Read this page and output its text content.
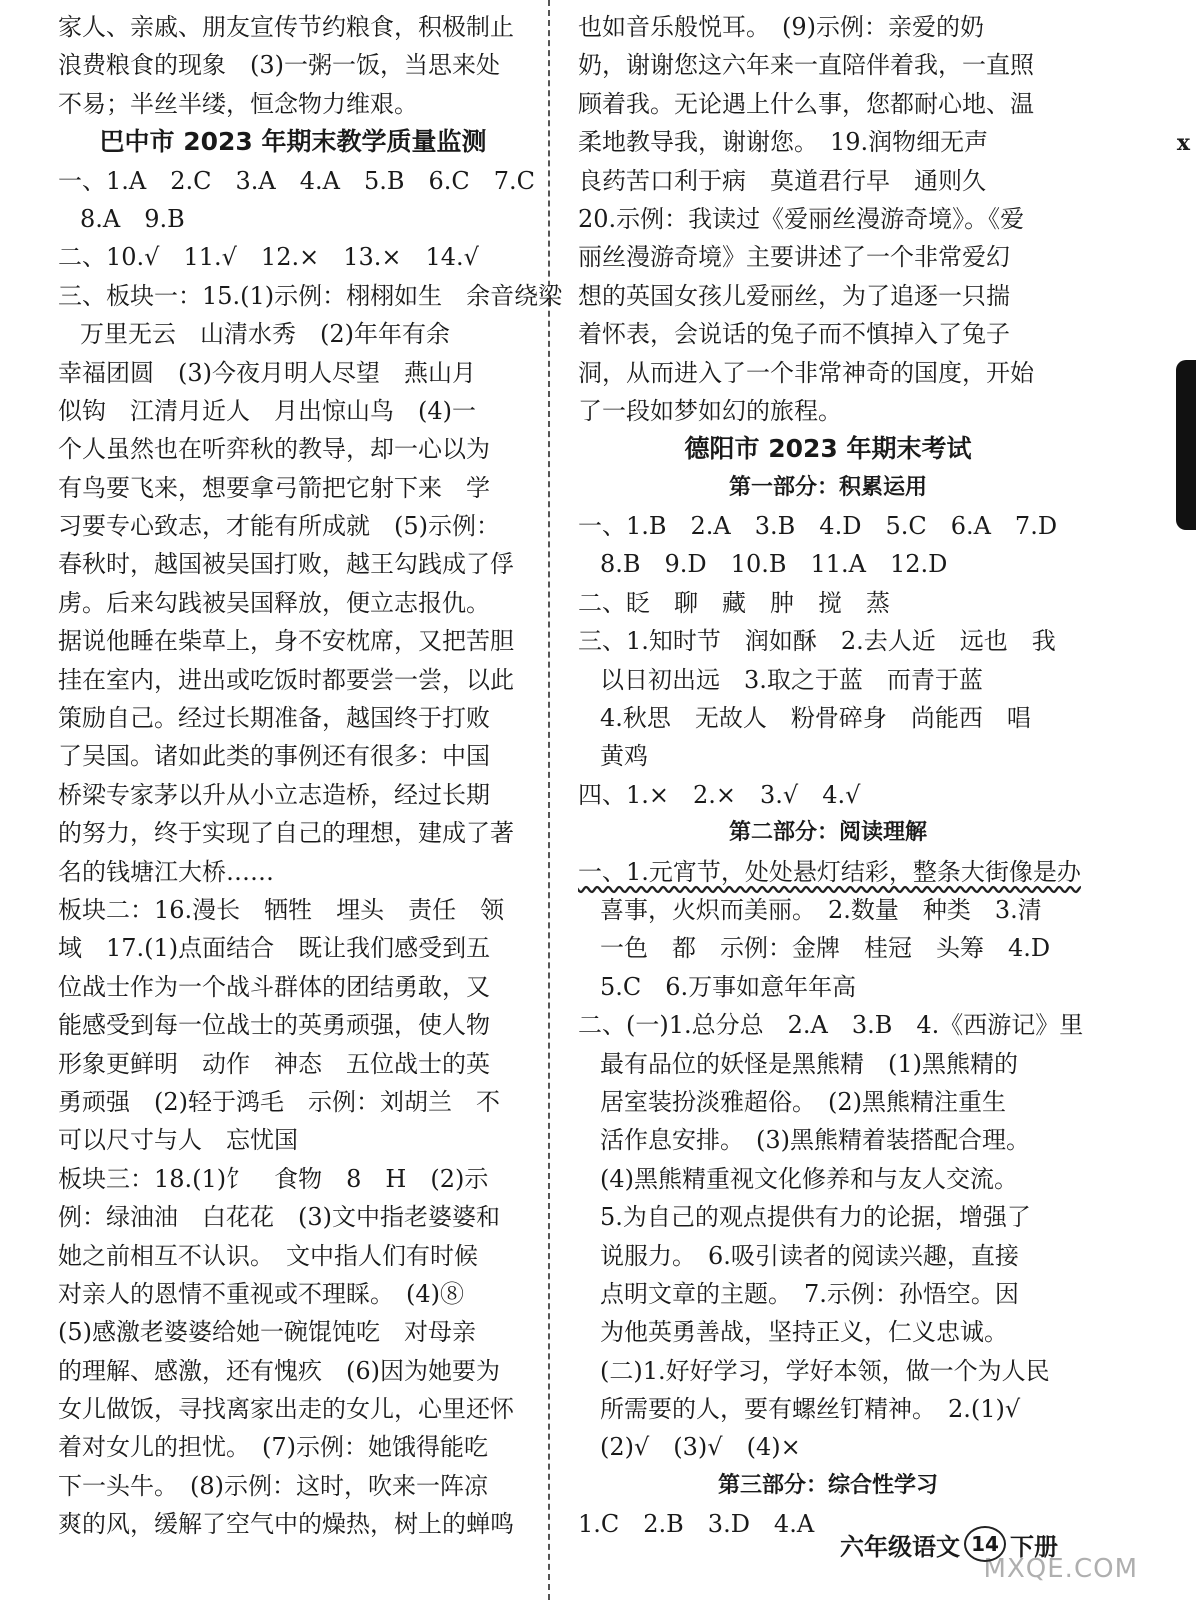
家人、亲戚、朋友宣传节约粮食，积极制止
浪费粮食的现象　(3)一粥一饭，当思来处
不易；半丝半缕，恒念物力维艰。
巴中市 2023 年期末教学质量监测
一、1.A　2.C　3.A　4.A　5.B　6.C　7.C
8.A　9.B
二、10.√　11.√　12.×　13.×　14.√
三、板块一：15.(1)示例：栩栩如生　余音绕梁
万里无云　山清水秀　(2)年年有余
幸福团圆　(3)今夜月明人尽望　燕山月
似钩　江清月近人　月出惊山鸟　(4)一
个人虽然也在听弈秋的教导，却一心以为
有鸟要飞来，想要拿弓箭把它射下来　学
习要专心致志，才能有所成就　(5)示例：
春秋时，越国被吴国打败，越王勾践成了俘
虏。后来勾践被吴国释放，便立志报仇。
据说他睡在柴草上，身不安枕席，又把苦胆
挂在室内，进出或吃饭时都要尝一尝，以此
策励自己。经过长期准备，越国终于打败
了吴国。诸如此类的事例还有很多：中国
桥梁专家茅以升从小立志造桥，经过长期
的努力，终于实现了自己的理想，建成了著
名的钱塘江大桥……
板块二：16.漫长　牺牲　埋头　责任　领
域　17.(1)点面结合　既让我们感受到五
位战士作为一个战斗群体的团结勇敢，又
能感受到每一位战士的英勇顽强，使人物
形象更鲜明　动作　神态　五位战士的英
勇顽强　(2)轻于鸿毛　示例：刘胡兰　不
可以尺寸与人　忘忧国
板块三：18.(1)饣　食物　8　H　(2)示
例：绿油油　白花花　(3)文中指老婆婆和
她之前相互不认识。　文中指人们有时候
对亲人的恩情不重视或不理睬。　(4)⑧
(5)感激老婆婆给她一碗馄饨吃　对母亲
的理解、感激，还有愧疚　(6)因为她要为
女儿做饭，寻找离家出走的女儿，心里还怀
着对女儿的担忧。　(7)示例：她饿得能吃
下一头牛。　(8)示例：这时，吹来一阵凉
爽的风，缓解了空气中的燥热，树上的蝉鸣
也如音乐般悦耳。　(9)示例：亲爱的奶
奶，谢谢您这六年来一直陪伴着我，一直照
顾着我。无论遇上什么事，您都耐心地、温
柔地教导我，谢谢您。　19.润物细无声
良药苦口利于病　莫道君行早　通则久
20.示例：我读过《爱丽丝漫游奇境》。《爱
丽丝漫游奇境》主要讲述了一个非常爱幻
想的英国女孩儿爱丽丝，为了追逐一只揣
着怀表，会说话的兔子而不慎掉入了兔子
洞，从而进入了一个非常神奇的国度，开始
了一段如梦如幻的旅程。
德阳市 2023 年期末考试
第一部分：积累运用
一、1.B　2.A　3.B　4.D　5.C　6.A　7.D
8.B　9.D　10.B　11.A　12.D
二、眨　聊　藏　肿　搅　蒸
三、1.知时节　润如酥　2.去人近　远也　我
以日初出远　3.取之于蓝　而青于蓝
4.秋思　无故人　粉骨碎身　尚能西　唱
黄鸡
四、1.×　2.×　3.√　4.√
第二部分：阅读理解
一、1.元宵节，处处悬灯结彩，整条大街像是办
喜事，火炽而美丽。　2.数量　种类　3.清
一色　都　示例：金牌　桂冠　头筹　4.D
5.C　6.万事如意年年高
二、(一)1.总分总　2.A　3.B　4.《西游记》里
最有品位的妖怪是黑熊精　(1)黑熊精的
居室装扮淡雅超俗。　(2)黑熊精注重生
活作息安排。　(3)黑熊精着装搭配合理。
(4)黑熊精重视文化修养和与友人交流。
5.为自己的观点提供有力的论据，增强了
说服力。　6.吸引读者的阅读兴趣，直接
点明文章的主题。　7.示例：孙悟空。因
为他英勇善战，坚持正义，仁义忠诚。
(二)1.好好学习，学好本领，做一个为人民
所需要的人，要有螺丝钉精神。　2.(1)√
(2)√　(3)√　(4)×
第三部分：综合性学习
1.C　2.B　3.D　4.A
x
MXQE.COM
六年级语文 14 下册
